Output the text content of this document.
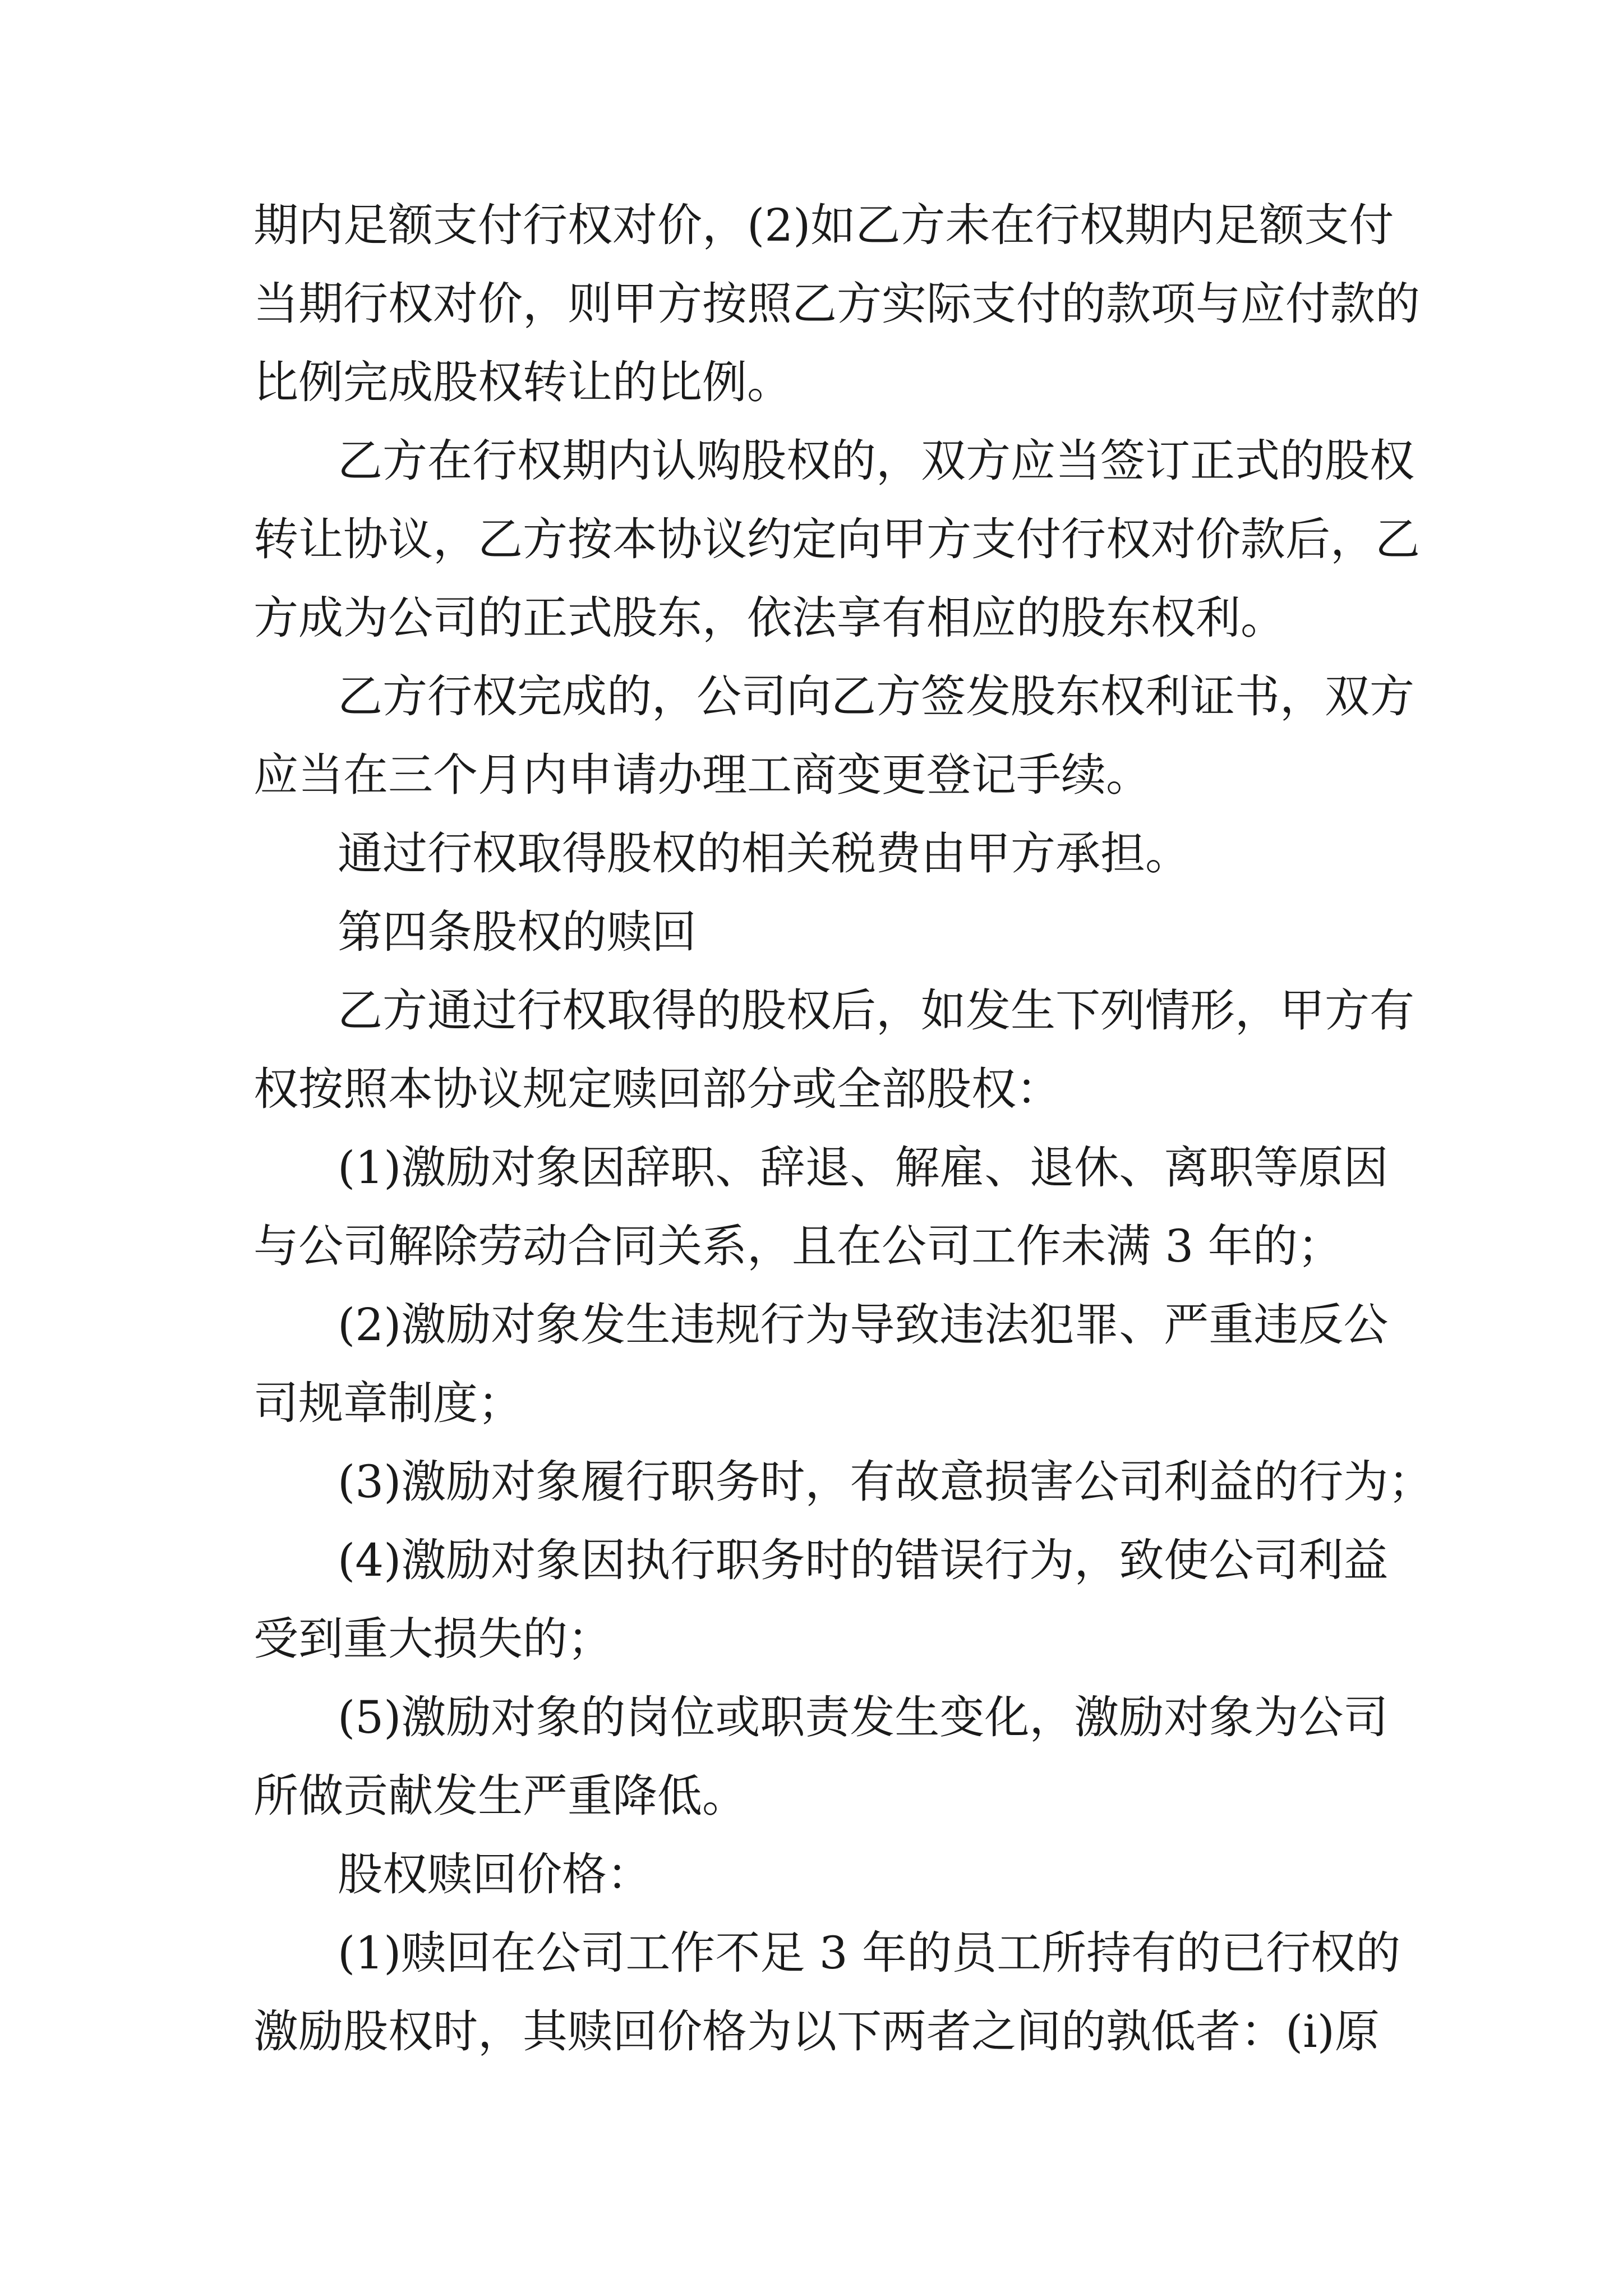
期内足额支付行权对价，(2)如乙方未在行权期内足额支付

当期行权对价，则甲方按照乙方实际支付的款项与应付款的

比例完成股权转让的比例。

乙方在行权期内认购股权的，双方应当签订正式的股权

转让协议，乙方按本协议约定向甲方支付行权对价款后，乙

方成为公司的正式股东，依法享有相应的股东权利。

乙方行权完成的，公司向乙方签发股东权利证书，双方

应当在三个月内申请办理工商变更登记手续。

通过行权取得股权的相关税费由甲方承担。

第四条股权的赎回

乙方通过行权取得的股权后，如发生下列情形，甲方有

权按照本协议规定赎回部分或全部股权：

(1)激励对象因辞职、辞退、解雇、退休、离职等原因

与公司解除劳动合同关系，且在公司工作未满 3 年的；

(2)激励对象发生违规行为导致违法犯罪、严重违反公

司规章制度；

(3)激励对象履行职务时，有故意损害公司利益的行为；

(4)激励对象因执行职务时的错误行为，致使公司利益

受到重大损失的；

(5)激励对象的岗位或职责发生变化，激励对象为公司

所做贡献发生严重降低。

股权赎回价格：

(1)赎回在公司工作不足 3 年的员工所持有的已行权的

激励股权时，其赎回价格为以下两者之间的孰低者：(i)原
